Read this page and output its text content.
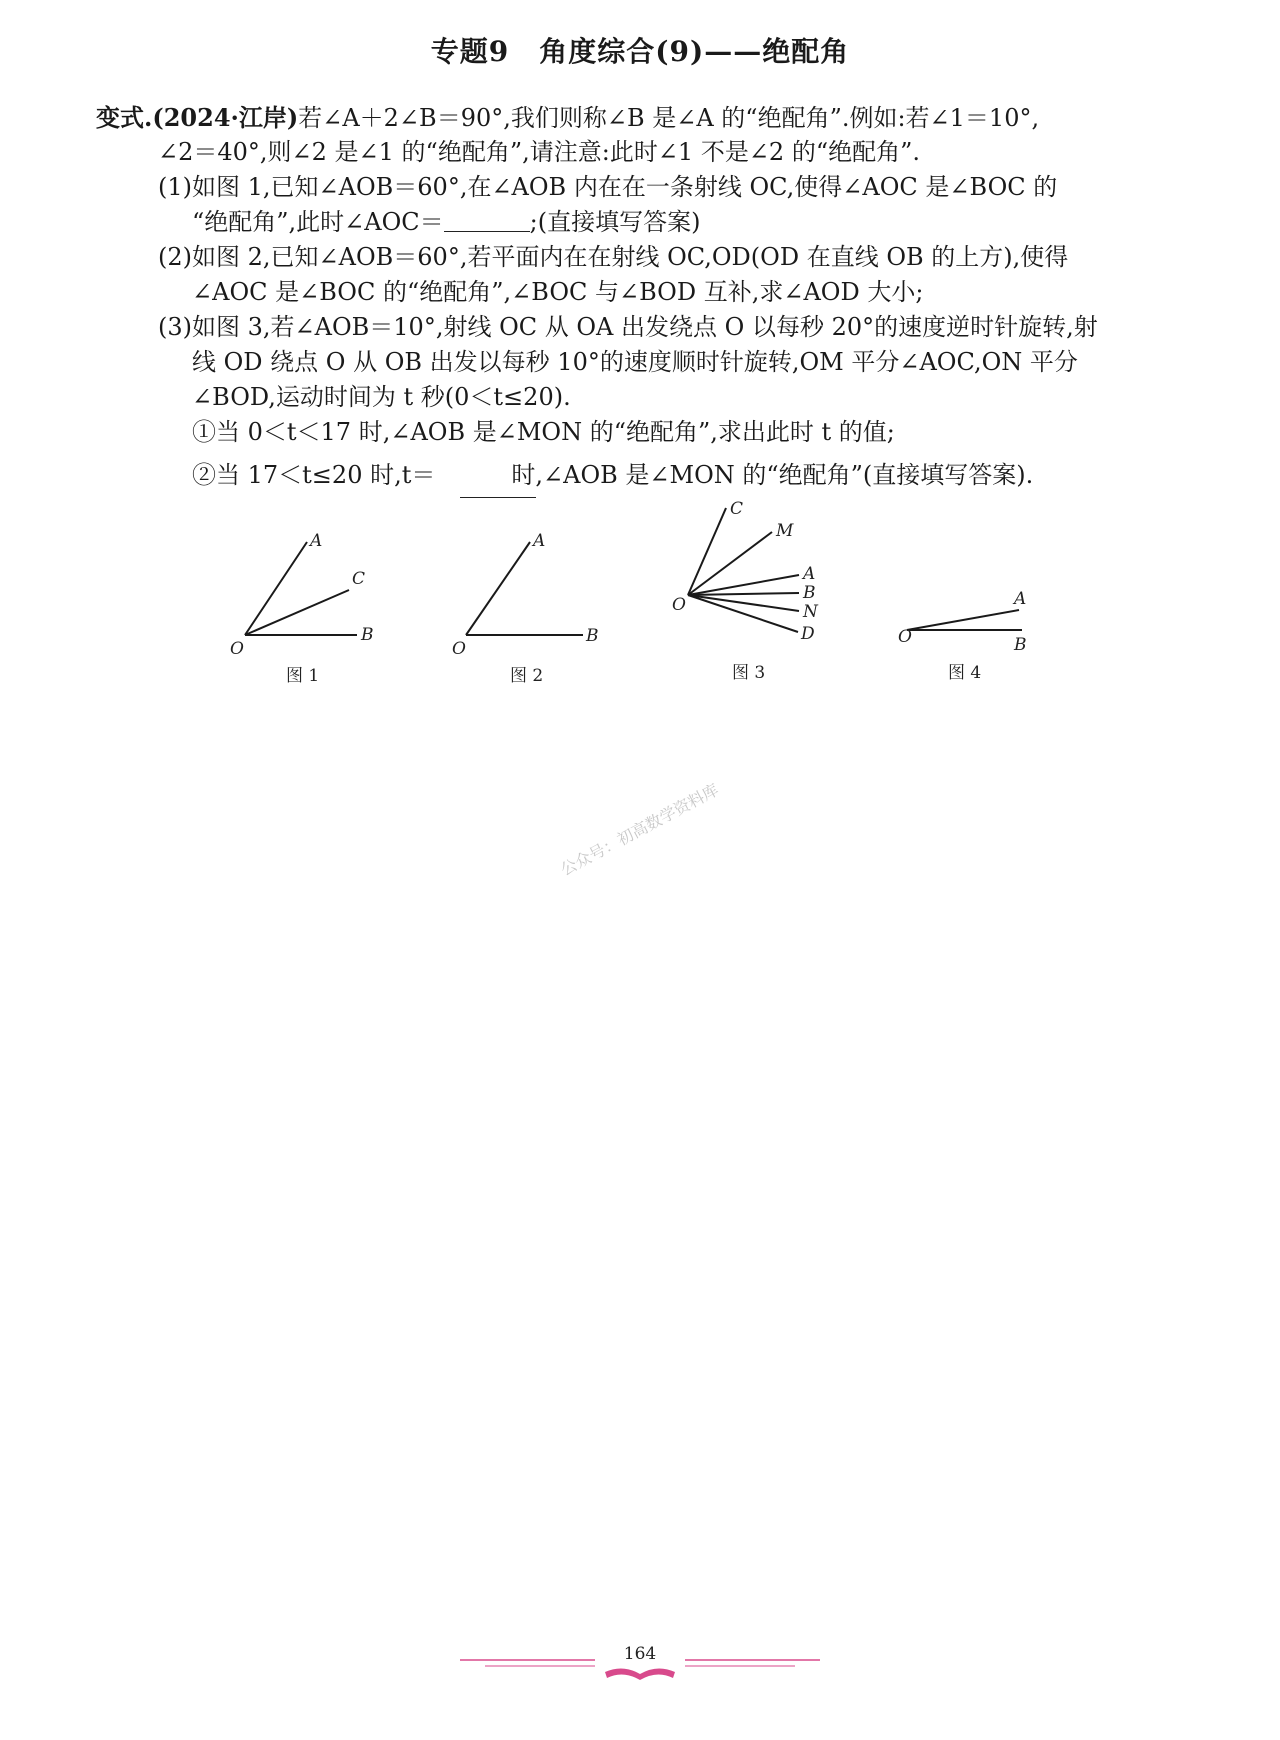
专题9 角度综合(9)——绝配角
变式.(2024·江岸)若∠A＋2∠B＝90°,我们则称∠B 是∠A 的“绝配角”.例如:若∠1＝10°,
∠2＝40°,则∠2 是∠1 的“绝配角”,请注意:此时∠1 不是∠2 的“绝配角”.
(1)如图 1,已知∠AOB＝60°,在∠AOB 内在在一条射线 OC,使得∠AOC 是∠BOC 的
“绝配角”,此时∠AOC＝	;(直接填写答案)
(2)如图 2,已知∠AOB＝60°,若平面内在在射线 OC,OD(OD 在直线 OB 的上方),使得
∠AOC 是∠BOC 的“绝配角”,∠BOC 与∠BOD 互补,求∠AOD 大小;
(3)如图 3,若∠AOB＝10°,射线 OC 从 OA 出发绕点 O 以每秒 20°的速度逆时针旋转,射
线 OD 绕点 O 从 OB 出发以每秒 10°的速度顺时针旋转,OM 平分∠AOC,ON 平分
∠BOD,运动时间为 t 秒(0＜t≤20).
①当 0＜t＜17 时,∠AOB 是∠MON 的“绝配角”,求出此时 t 的值;
②当 17＜t≤20 时,t＝	时,∠AOB 是∠MON 的“绝配角”(直接填写答案).
O
A
C
B
图 1
O
A
B
图 2
O
C
M
A
B
N
D
图 3
O
A
B
图 4
公众号：初高数学资料库
164
